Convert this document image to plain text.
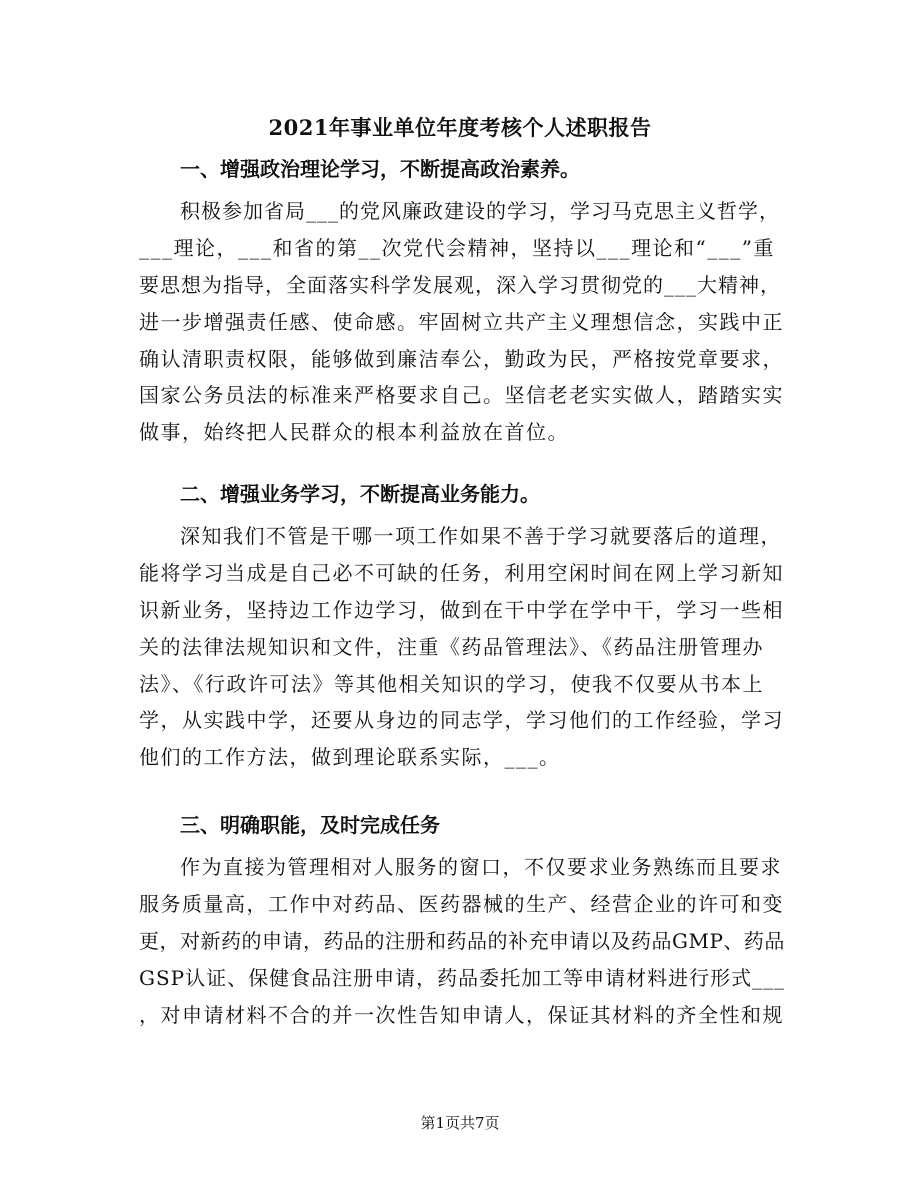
2021年事业单位年度考核个人述职报告
一、增强政治理论学习，不断提高政治素养。
积极参加省局___的党风廉政建设的学习，学习马克思主义哲学，
___理论，___和省的第__次党代会精神，坚持以___理论和“___”重
要思想为指导，全面落实科学发展观，深入学习贯彻党的___大精神，
进一步增强责任感、使命感。牢固树立共产主义理想信念，实践中正
确认清职责权限，能够做到廉洁奉公，勤政为民，严格按党章要求，
国家公务员法的标准来严格要求自己。坚信老老实实做人，踏踏实实
做事，始终把人民群众的根本利益放在首位。
二、增强业务学习，不断提高业务能力。
深知我们不管是干哪一项工作如果不善于学习就要落后的道理，
能将学习当成是自己必不可缺的任务，利用空闲时间在网上学习新知
识新业务，坚持边工作边学习，做到在干中学在学中干，学习一些相
关的法律法规知识和文件，注重《药品管理法》、《药品注册管理办
法》、《行政许可法》等其他相关知识的学习，使我不仅要从书本上
学，从实践中学，还要从身边的同志学，学习他们的工作经验，学习
他们的工作方法，做到理论联系实际，___。
三、明确职能，及时完成任务
作为直接为管理相对人服务的窗口，不仅要求业务熟练而且要求
服务质量高，工作中对药品、医药器械的生产、经营企业的许可和变
更，对新药的申请，药品的注册和药品的补充申请以及药品GMP、药品
GSP认证、保健食品注册申请，药品委托加工等申请材料进行形式___
，对申请材料不合的并一次性告知申请人，保证其材料的齐全性和规
第1页共7页
